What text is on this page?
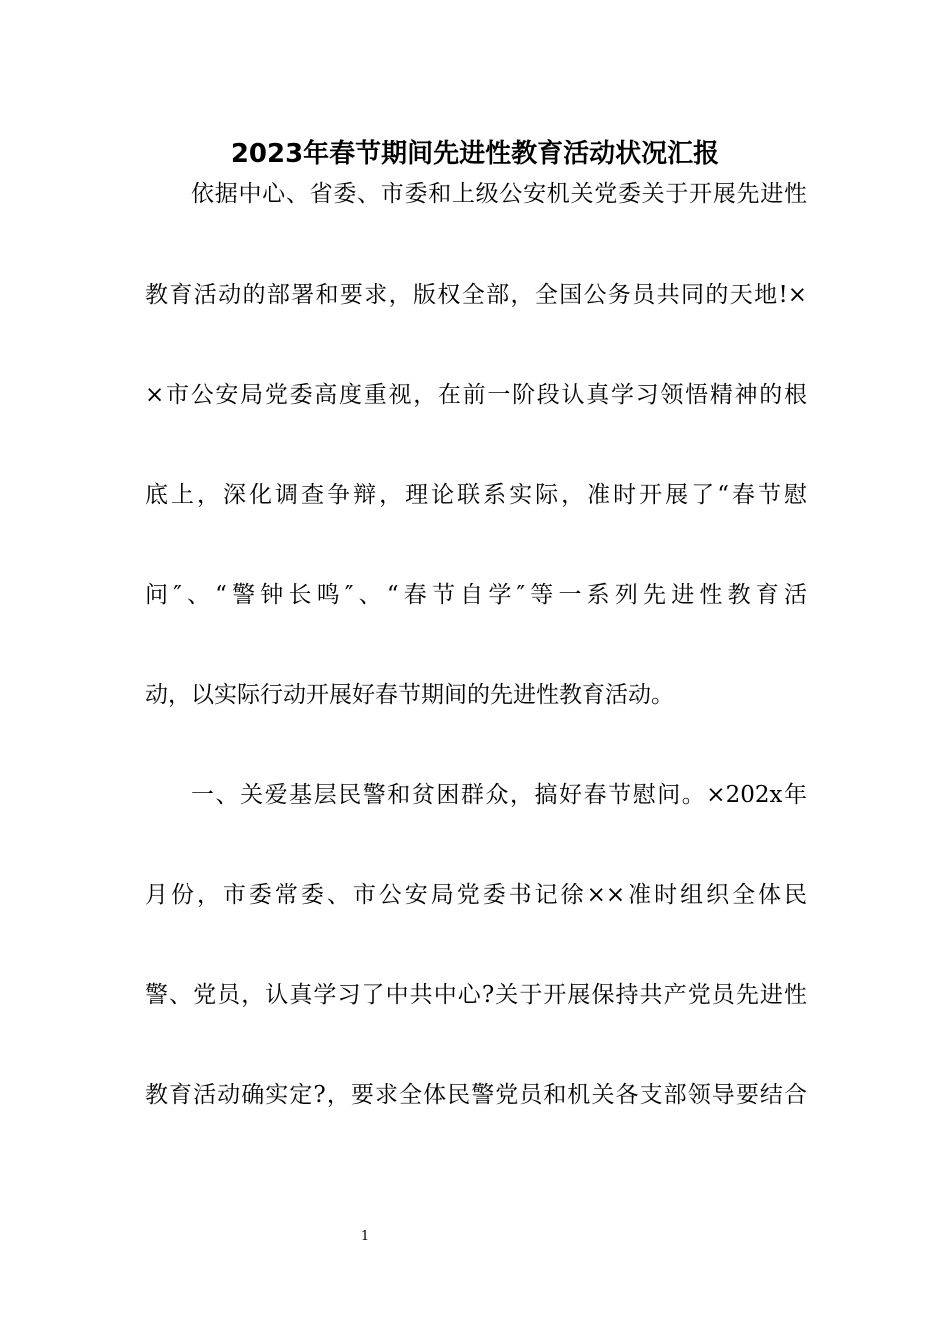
2023年春节期间先进性教育活动状况汇报
依据中心、省委、市委和上级公安机关党委关于开展先进性
教育活动的部署和要求，版权全部，全国公务员共同的天地!×
×市公安局党委高度重视，在前一阶段认真学习领悟精神的根
底上，深化调查争辩，理论联系实际，准时开展了“春节慰
问″、“警钟长鸣″、“春节自学″等一系列先进性教育活
动，以实际行动开展好春节期间的先进性教育活动。
一、关爱基层民警和贫困群众，搞好春节慰问。×202x年
月份，市委常委、市公安局党委书记徐××准时组织全体民
警、党员，认真学习了中共中心?关于开展保持共产党员先进性
教育活动确实定?，要求全体民警党员和机关各支部领导要结合
1
